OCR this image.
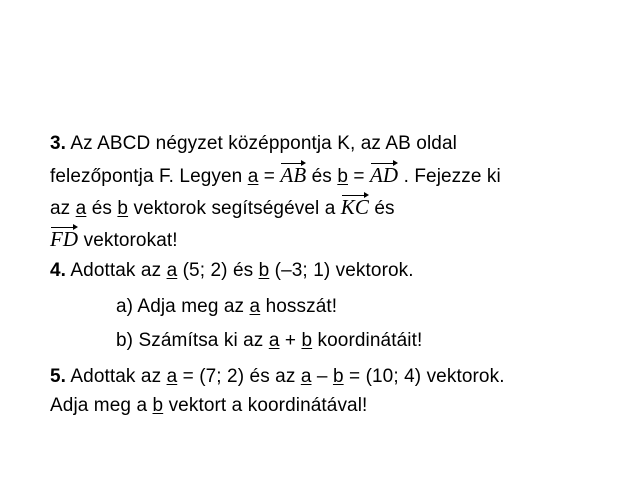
3. Az ABCD négyzet középpontja K, az AB oldal
felezőpontja F. Legyen a = AB és b = AD . Fejezze ki
az a és b vektorok segítségével a KC és
FD vektorokat!
4. Adottak az a (5; 2) és b (–3; 1) vektorok.
a) Adja meg az a hosszát!
b) Számítsa ki az a + b koordinátáit!
5. Adottak az a = (7; 2) és az a – b = (10; 4) vektorok.
Adja meg a b vektort a koordinátával!
